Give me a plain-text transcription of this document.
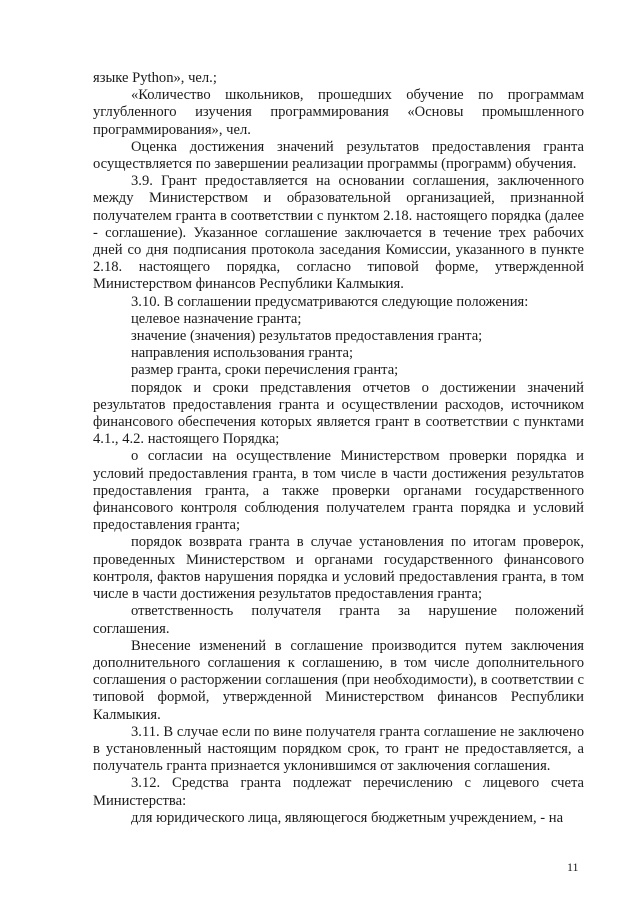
языке Python», чел.;

«Количество школьников, прошедших обучение по программам углубленного изучения программирования «Основы промышленного программирования», чел.

Оценка достижения значений результатов предоставления гранта осуществляется по завершении реализации программы (программ) обучения.

3.9. Грант предоставляется на основании соглашения, заключенного между Министерством и образовательной организацией, признанной получателем гранта в соответствии с пунктом 2.18. настоящего порядка (далее - соглашение). Указанное соглашение заключается в течение трех рабочих дней со дня подписания протокола заседания Комиссии, указанного в пункте 2.18. настоящего порядка, согласно типовой форме, утвержденной Министерством финансов Республики Калмыкия.

3.10. В соглашении предусматриваются следующие положения:

целевое назначение гранта;

значение (значения) результатов предоставления гранта;

направления использования гранта;

размер гранта, сроки перечисления гранта;

порядок и сроки представления отчетов о достижении значений результатов предоставления гранта и осуществлении расходов, источником финансового обеспечения которых является грант в соответствии с пунктами 4.1., 4.2. настоящего Порядка;

о согласии на осуществление Министерством проверки порядка и условий предоставления гранта, в том числе в части достижения результатов предоставления гранта, а также проверки органами государственного финансового контроля соблюдения получателем гранта порядка и условий предоставления гранта;

порядок возврата гранта в случае установления по итогам проверок, проведенных Министерством и органами государственного финансового контроля, фактов нарушения порядка и условий предоставления гранта, в том числе в части достижения результатов предоставления гранта;

ответственность получателя гранта за нарушение положений соглашения.

Внесение изменений в соглашение производится путем заключения дополнительного соглашения к соглашению, в том числе дополнительного соглашения о расторжении соглашения (при необходимости), в соответствии с типовой формой, утвержденной Министерством финансов Республики Калмыкия.

3.11. В случае если по вине получателя гранта соглашение не заключено в установленный настоящим порядком срок, то грант не предоставляется, а получатель гранта признается уклонившимся от заключения соглашения.

3.12. Средства гранта подлежат перечислению с лицевого счета Министерства:

для юридического лица, являющегося бюджетным учреждением, - на

11
